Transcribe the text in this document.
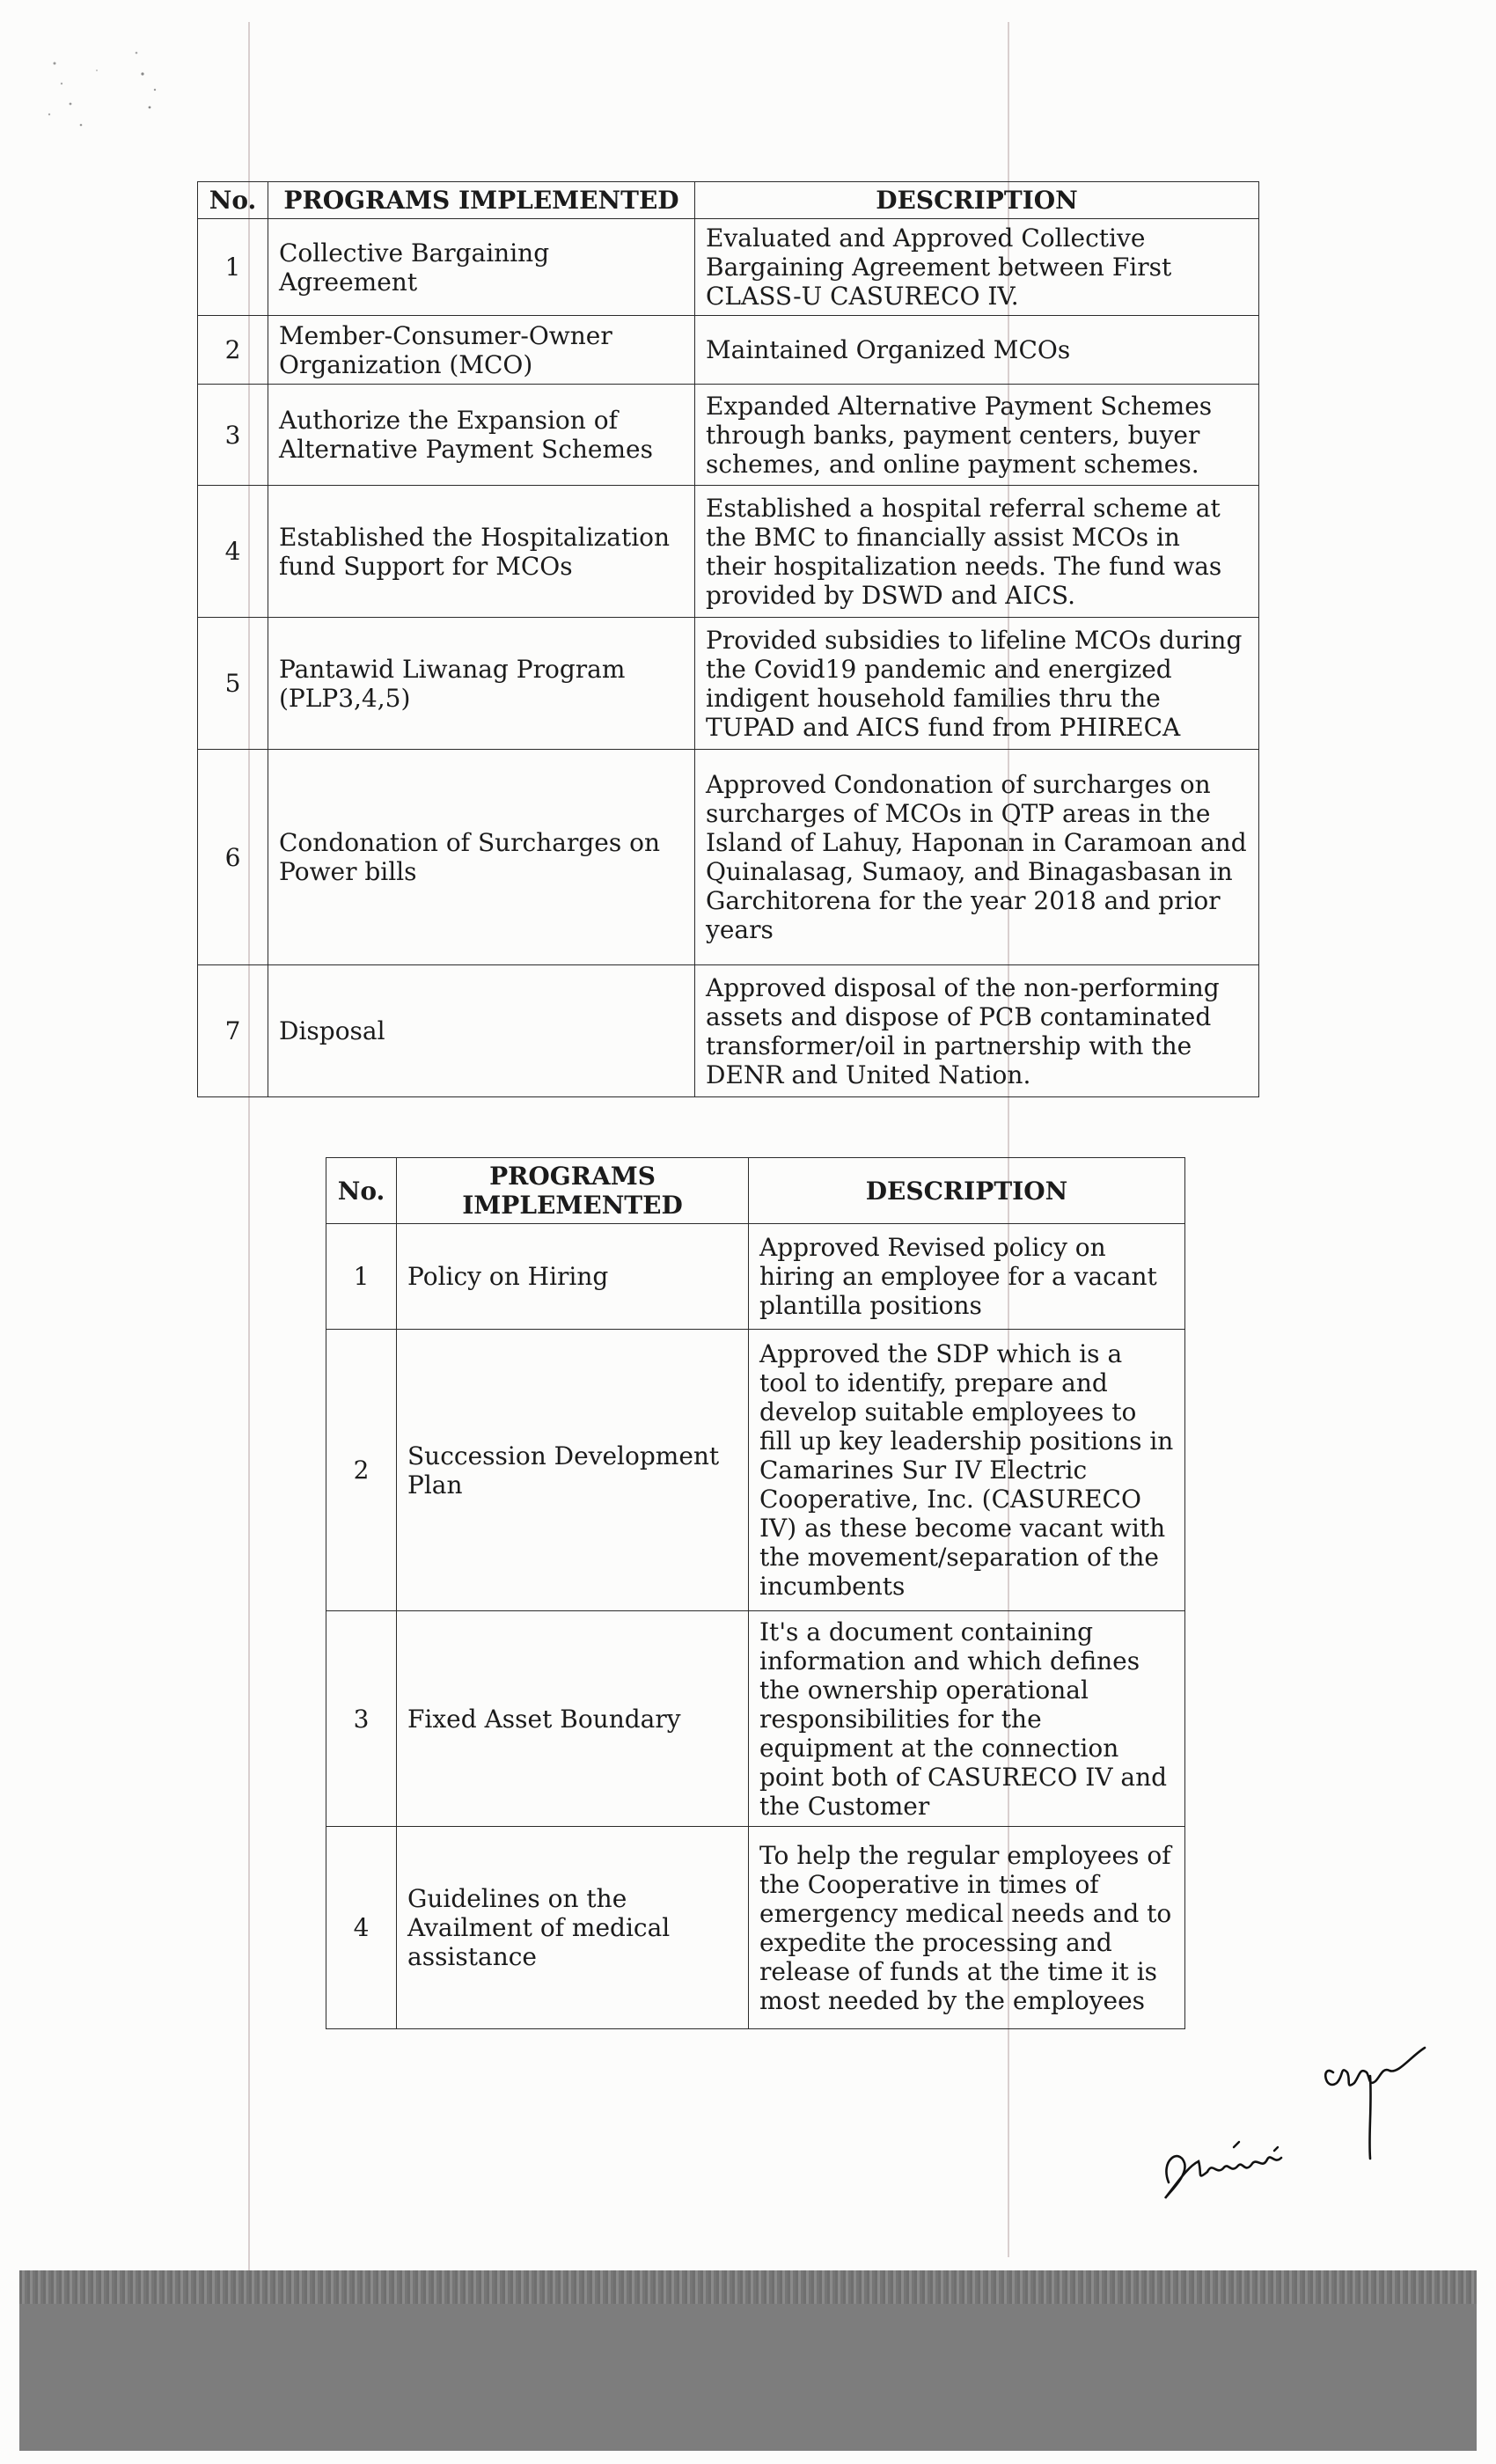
No.	PROGRAMS IMPLEMENTED	DESCRIPTION
1	Collective Bargaining Agreement	Evaluated and Approved Collective Bargaining Agreement between First CLASS-U CASURECO IV.
2	Member-Consumer-Owner Organization (MCO)	Maintained Organized MCOs
3	Authorize the Expansion of Alternative Payment Schemes	Expanded Alternative Payment Schemes through banks, payment centers, buyer schemes, and online payment schemes.
4	Established the Hospitalization fund Support for MCOs	Established a hospital referral scheme at the BMC to financially assist MCOs in their hospitalization needs. The fund was provided by DSWD and AICS.
5	Pantawid Liwanag Program (PLP3,4,5)	Provided subsidies to lifeline MCOs during the Covid19 pandemic and energized indigent household families thru the TUPAD and AICS fund from PHIRECA
6	Condonation of Surcharges on Power bills	Approved Condonation of surcharges on surcharges of MCOs in QTP areas in the Island of Lahuy, Haponan in Caramoan and Quinalasag, Sumaoy, and Binagasbasan in Garchitorena for the year 2018 and prior years
7	Disposal	Approved disposal of the non-performing assets and dispose of PCB contaminated transformer/oil in partnership with the DENR and United Nation.
No.	PROGRAMS IMPLEMENTED	DESCRIPTION
1	Policy on Hiring	Approved Revised policy on hiring an employee for a vacant plantilla positions
2	Succession Development Plan	Approved the SDP which is a tool to identify, prepare and develop suitable employees to fill up key leadership positions in Camarines Sur IV Electric Cooperative, Inc. (CASURECO IV) as these become vacant with the movement/separation of the incumbents
3	Fixed Asset Boundary	It's a document containing information and which defines the ownership operational responsibilities for the equipment at the connection point both of CASURECO IV and the Customer
4	Guidelines on the Availment of medical assistance	To help the regular employees of the Cooperative in times of emergency medical needs and to expedite the processing and release of funds at the time it is most needed by the employees
